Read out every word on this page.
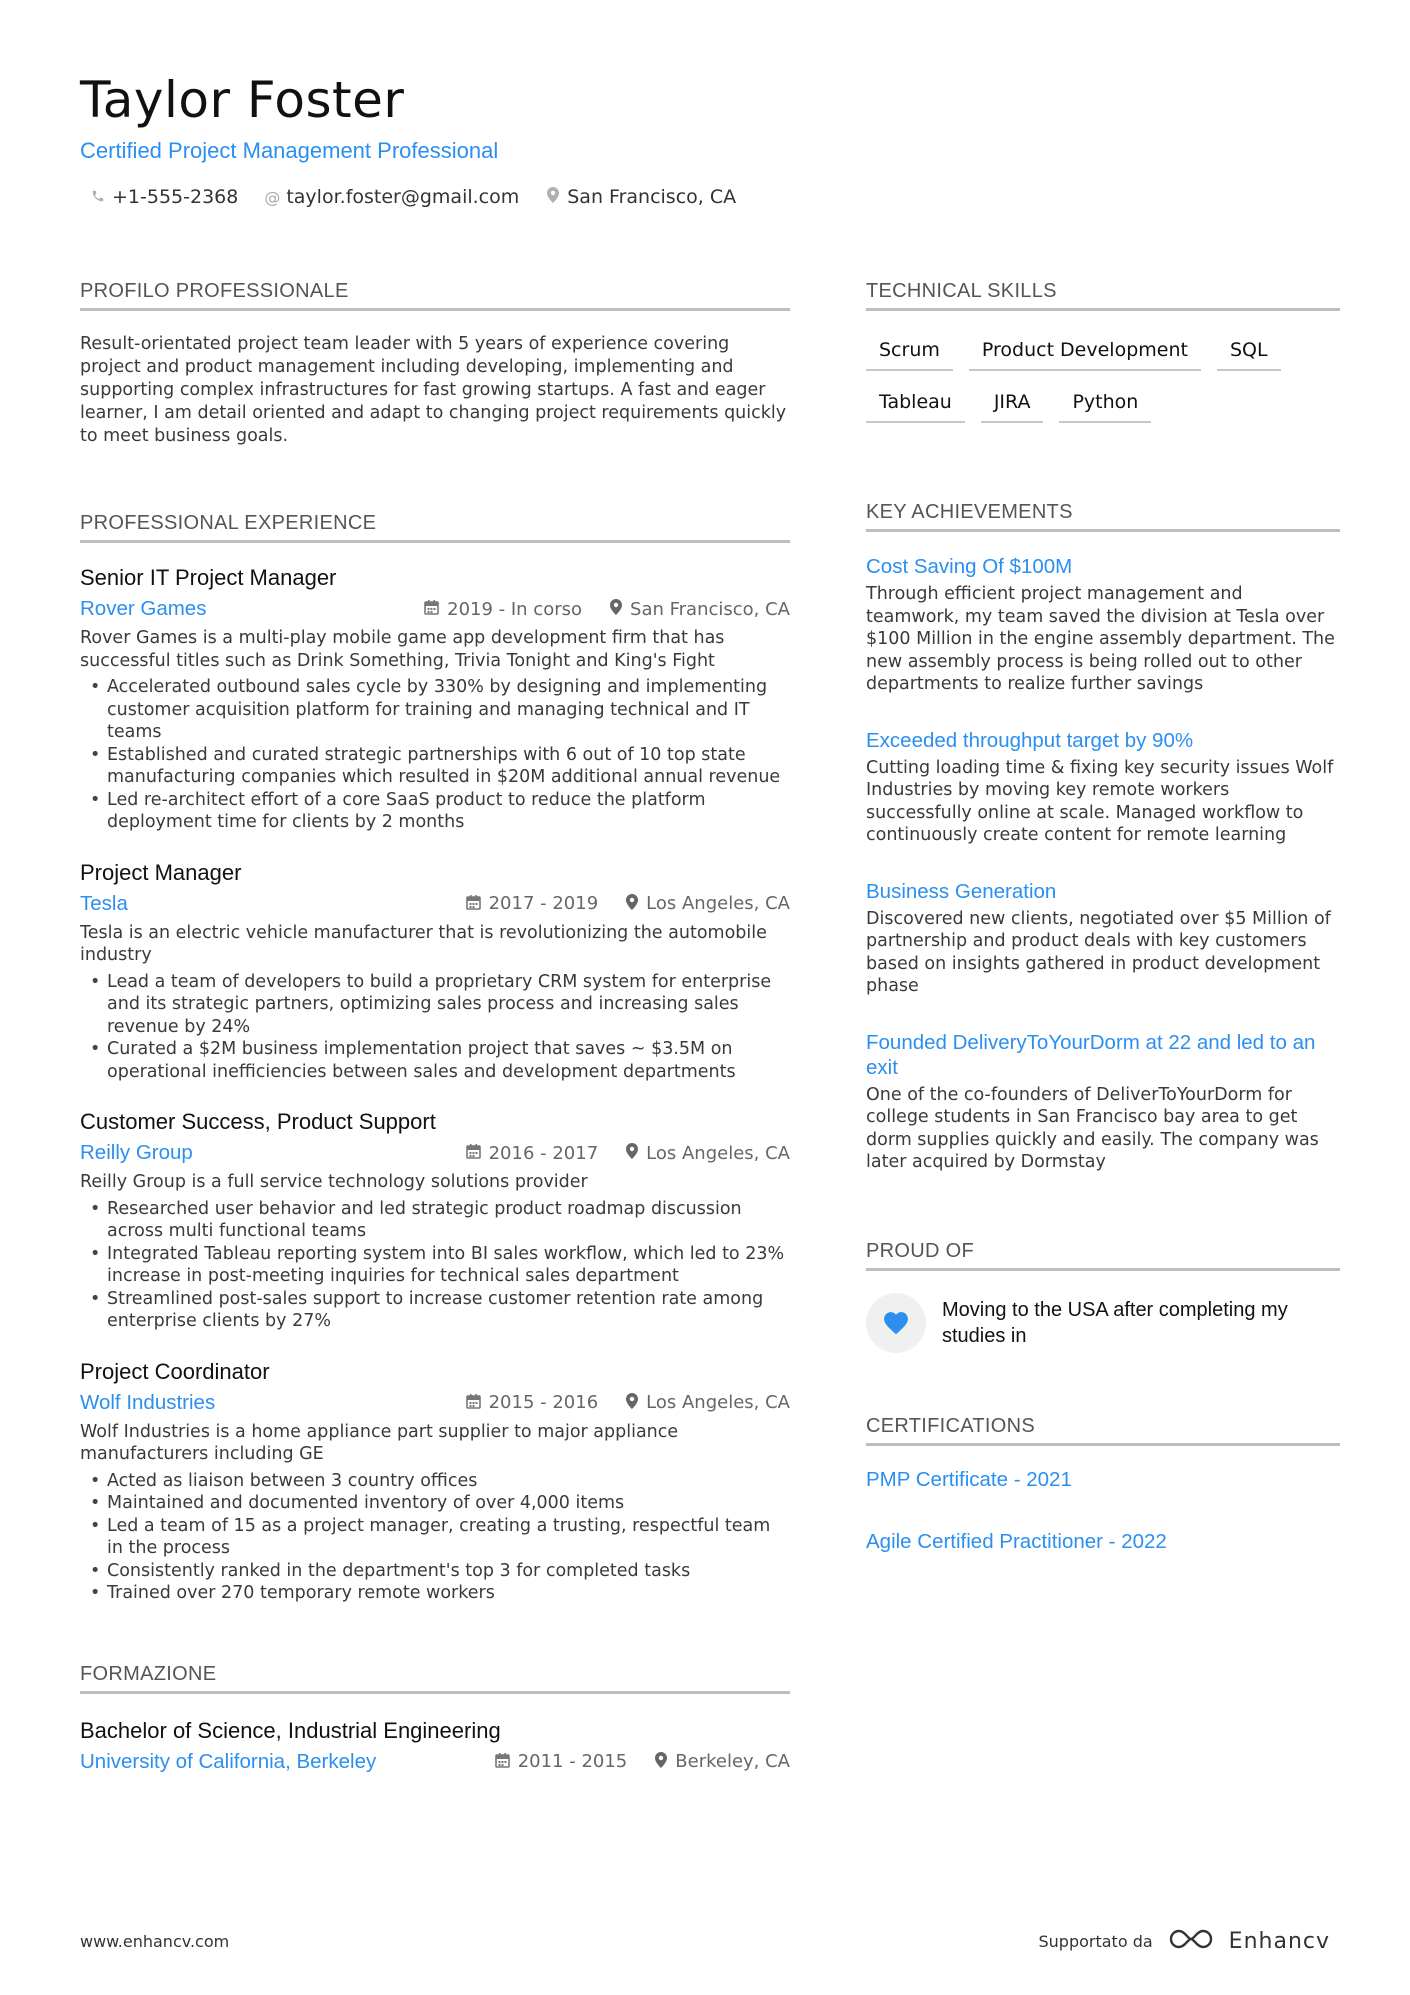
Taylor Foster
Certified Project Management Professional
+1-555-2368 @ taylor.foster@gmail.com	San Francisco, CA
PROFILO PROFESSIONALE
Result-orientated project team leader with 5 years of experience covering project and product management including developing, implementing and supporting complex infrastructures for fast growing startups. A fast and eager learner, I am detail oriented and adapt to changing project requirements quickly to meet business goals.
PROFESSIONAL EXPERIENCE
Senior IT Project Manager
Rover Games	2019 - In corso	San Francisco, CA
Rover Games is a multi-play mobile game app development firm that has successful titles such as Drink Something, Trivia Tonight and King's Fight
• Accelerated outbound sales cycle by 330% by designing and implementing customer acquisition platform for training and managing technical and IT teams
• Established and curated strategic partnerships with 6 out of 10 top state manufacturing companies which resulted in $20M additional annual revenue
• Led re-architect effort of a core SaaS product to reduce the platform deployment time for clients by 2 months
Project Manager
Tesla	2017 - 2019	Los Angeles, CA
Tesla is an electric vehicle manufacturer that is revolutionizing the automobile industry
• Lead a team of developers to build a proprietary CRM system for enterprise and its strategic partners, optimizing sales process and increasing sales revenue by 24%
• Curated a $2M business implementation project that saves ~ $3.5M on operational inefficiencies between sales and development departments
Customer Success, Product Support
Reilly Group	2016 - 2017	Los Angeles, CA
Reilly Group is a full service technology solutions provider
• Researched user behavior and led strategic product roadmap discussion across multi functional teams
• Integrated Tableau reporting system into BI sales workflow, which led to 23% increase in post-meeting inquiries for technical sales department
• Streamlined post-sales support to increase customer retention rate among enterprise clients by 27%
Project Coordinator
Wolf Industries	2015 - 2016	Los Angeles, CA
Wolf Industries is a home appliance part supplier to major appliance manufacturers including GE
• Acted as liaison between 3 country offices
• Maintained and documented inventory of over 4,000 items
• Led a team of 15 as a project manager, creating a trusting, respectful team in the process
• Consistently ranked in the department's top 3 for completed tasks
• Trained over 270 temporary remote workers
FORMAZIONE
Bachelor of Science, Industrial Engineering
University of California, Berkeley	2011 - 2015	Berkeley, CA
TECHNICAL SKILLS
Scrum	Product Development	SQL
Tableau	JIRA	Python
KEY ACHIEVEMENTS
Cost Saving Of $100M
Through efficient project management and teamwork, my team saved the division at Tesla over $100 Million in the engine assembly department. The new assembly process is being rolled out to other departments to realize further savings
Exceeded throughput target by 90%
Cutting loading time & fixing key security issues Wolf Industries by moving key remote workers successfully online at scale. Managed workflow to continuously create content for remote learning
Business Generation
Discovered new clients, negotiated over $5 Million of partnership and product deals with key customers based on insights gathered in product development phase
Founded DeliveryToYourDorm at 22 and led to an exit
One of the co-founders of DeliverToYourDorm for college students in San Francisco bay area to get dorm supplies quickly and easily. The company was later acquired by Dormstay
PROUD OF
Moving to the USA after completing my studies in
CERTIFICATIONS
PMP Certificate - 2021
Agile Certified Practitioner - 2022
www.enhancv.com	Supportato da	Enhancv
